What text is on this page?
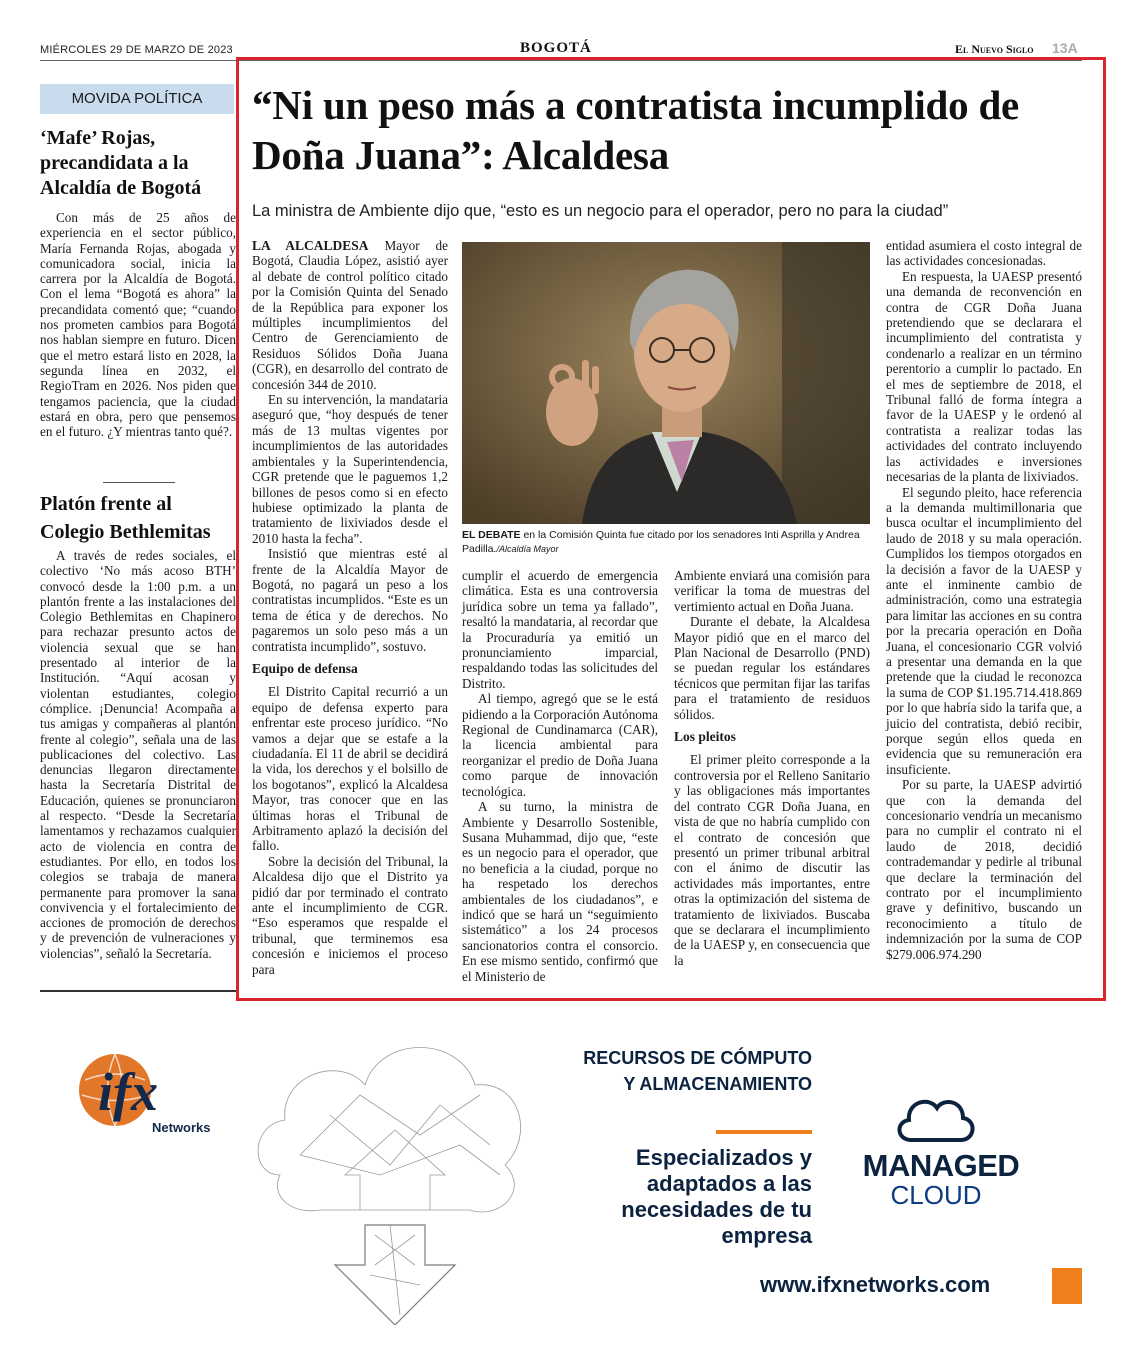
MIÉRCOLES 29 DE MARZO DE 2023	BOGOTÁ	El Nuevo Siglo 13A
MOVIDA POLÍTICA
‘Mafe’ Rojas, precandidata a la Alcaldía de Bogotá
Con más de 25 años de experiencia en el sector público, María Fernanda Rojas, abogada y comunicadora social, inicia la carrera por la Alcaldía de Bogotá. Con el lema “Bogotá es ahora” la precandidata comentó que; “cuando nos prometen cambios para Bogotá nos hablan siempre en futuro. Dicen que el metro estará listo en 2028, la segunda línea en 2032, el RegioTram en 2026. Nos piden que tengamos paciencia, que la ciudad estará en obra, pero que pensemos en el futuro. ¿Y mientras tanto qué?.
Platón frente al Colegio Bethlemitas
A través de redes sociales, el colectivo ‘No más acoso BTH’ convocó desde la 1:00 p.m. a un plantón frente a las instalaciones del Colegio Bethlemitas en Chapinero para rechazar presunto actos de violencia sexual que se han presentado al interior de la Institución. “Aquí acosan y violentan estudiantes, colegio cómplice. ¡Denuncia! Acompaña a tus amigas y compañeras al plantón frente al colegio”, señala una de las publicaciones del colectivo. Las denuncias llegaron directamente hasta la Secretaría Distrital de Educación, quienes se pronunciaron al respecto. “Desde la Secretaría lamentamos y rechazamos cualquier acto de violencia en contra de estudiantes. Por ello, en todos los colegios se trabaja de manera permanente para promover la sana convivencia y el fortalecimiento de acciones de promoción de derechos y de prevención de vulneraciones y violencias”, señaló la Secretaría.
“Ni un peso más a contratista incumplido de Doña Juana”: Alcaldesa
La ministra de Ambiente dijo que, “esto es un negocio para el operador, pero no para la ciudad”

LA ALCALDESA Mayor de Bogotá, Claudia López, asistió ayer al debate de control político citado por la Comisión Quinta del Senado de la República para exponer los múltiples incumplimientos del Centro de Gerenciamiento de Residuos Sólidos Doña Juana (CGR), en desarrollo del contrato de concesión 344 de 2010.

En su intervención, la mandataria aseguró que, “hoy después de tener más de 13 multas vigentes por incumplimientos de las autoridades ambientales y la Superintendencia, CGR pretende que le paguemos 1,2 billones de pesos como si en efecto hubiese optimizado la planta de tratamiento de lixiviados desde el 2010 hasta la fecha”.

Insistió que mientras esté al frente de la Alcaldía Mayor de Bogotá, no pagará un peso a los contratistas incumplidos. “Este es un tema de ética y de derechos. No pagaremos un solo peso más a un contratista incumplido”, sostuvo.

Equipo de defensa

El Distrito Capital recurrió a un equipo de defensa experto para enfrentar este proceso jurídico. “No vamos a dejar que se estafe a la ciudadanía. El 11 de abril se decidirá la vida, los derechos y el bolsillo de los bogotanos”, explicó la Alcaldesa Mayor, tras conocer que en las últimas horas el Tribunal de Arbitramento aplazó la decisión del fallo.

Sobre la decisión del Tribunal, la Alcaldesa dijo que el Distrito ya pidió dar por terminado el contrato ante el incumplimiento de CGR. “Eso esperamos que respalde el tribunal, que terminemos esa concesión e iniciemos el proceso para

EL DEBATE en la Comisión Quinta fue citado por los senadores Inti Asprilla y Andrea Padilla./Alcaldía Mayor

cumplir el acuerdo de emergencia climática. Esta es una controversia jurídica sobre un tema ya fallado”, resaltó la mandataria, al recordar que la Procuraduría ya emitió un pronunciamiento imparcial, respaldando todas las solicitudes del Distrito.

Al tiempo, agregó que se le está pidiendo a la Corporación Autónoma Regional de Cundinamarca (CAR), la licencia ambiental para reorganizar el predio de Doña Juana como parque de innovación tecnológica.

A su turno, la ministra de Ambiente y Desarrollo Sostenible, Susana Muhammad, dijo que, “este es un negocio para el operador, que no beneficia a la ciudad, porque no ha respetado los derechos ambientales de los ciudadanos”, e indicó que se hará un “seguimiento sistemático” a los 24 procesos sancionatorios contra el consorcio. En ese mismo sentido, confirmó que el Ministerio de

Ambiente enviará una comisión para verificar la toma de muestras del vertimiento actual en Doña Juana.

Durante el debate, la Alcaldesa Mayor pidió que en el marco del Plan Nacional de Desarrollo (PND) se puedan regular los estándares técnicos que permitan fijar las tarifas para el tratamiento de residuos sólidos.

Los pleitos

El primer pleito corresponde a la controversia por el Relleno Sanitario y las obligaciones más importantes del contrato CGR Doña Juana, en vista de que no habría cumplido con el contrato de concesión que presentó un primer tribunal arbitral con el ánimo de discutir las actividades más importantes, entre otras la optimización del sistema de tratamiento de lixiviados. Buscaba que se declarara el incumplimiento de la UAESP y, en consecuencia que la

entidad asumiera el costo integral de las actividades concesionadas.

En respuesta, la UAESP presentó una demanda de reconvención en contra de CGR Doña Juana pretendiendo que se declarara el incumplimiento del contratista y condenarlo a realizar en un término perentorio a cumplir lo pactado. En el mes de septiembre de 2018, el Tribunal falló de forma íntegra a favor de la UAESP y le ordenó al contratista a realizar todas las actividades del contrato incluyendo las actividades e inversiones necesarias de la planta de lixiviados.

El segundo pleito, hace referencia a la demanda multimillonaria que busca ocultar el incumplimiento del laudo de 2018 y su mala operación. Cumplidos los tiempos otorgados en la decisión a favor de la UAESP y ante el inminente cambio de administración, como una estrategia para limitar las acciones en su contra por la precaria operación en Doña Juana, el concesionario CGR volvió a presentar una demanda en la que pretende que la ciudad le reconozca la suma de COP $1.195.714.418.869 por lo que habría sido la tarifa que, a juicio del contratista, debió recibir, porque según ellos queda en evidencia que su remuneración era insuficiente.

Por su parte, la UAESP advirtió que con la demanda del concesionario vendría un mecanismo para no cumplir el contrato ni el laudo de 2018, decidió contrademandar y pedirle al tribunal que declare la terminación del contrato por el incumplimiento grave y definitivo, buscando un reconocimiento a título de indemnización por la suma de COP $279.006.974.290

ifx
Networks
RECURSOS DE CÓMPUTO Y ALMACENAMIENTO
Especializados y adaptados a las necesidades de tu empresa
MANAGED
CLOUD
www.ifxnetworks.com
